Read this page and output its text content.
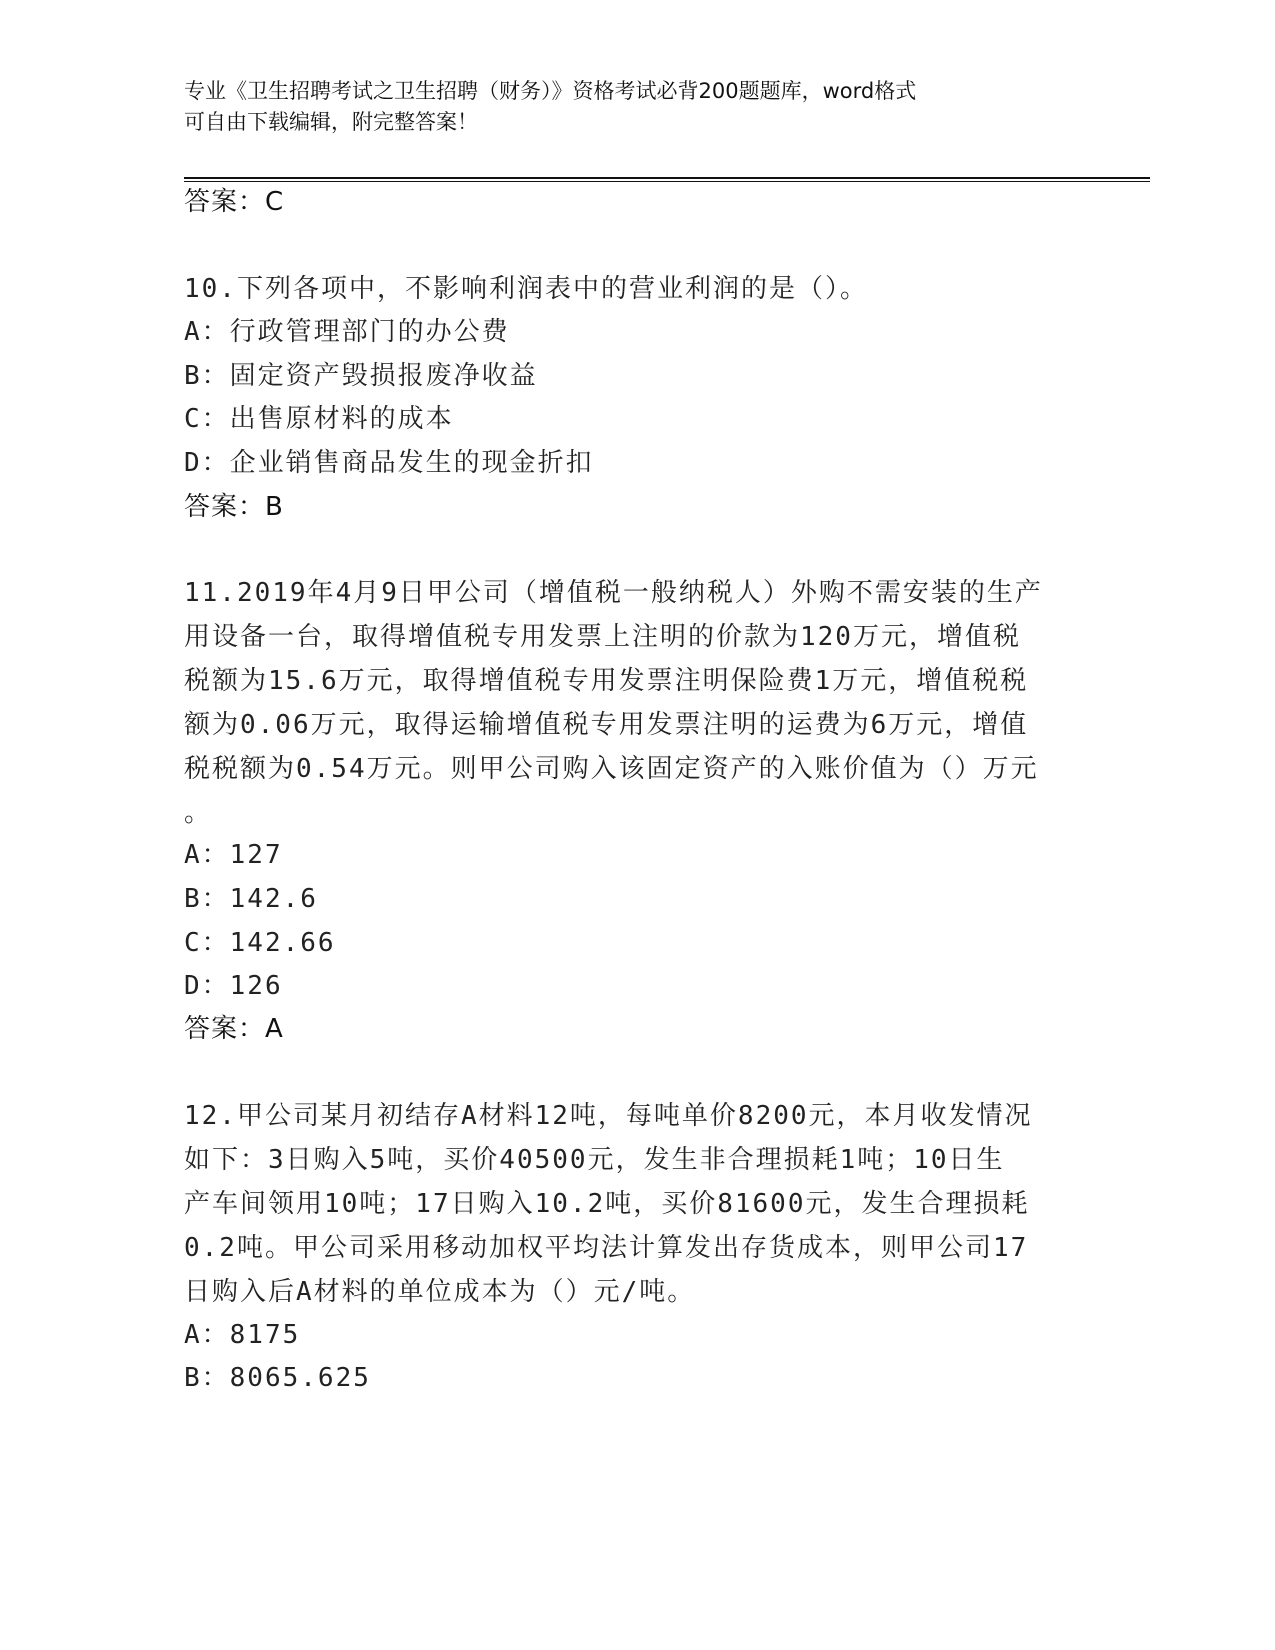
专业《卫生招聘考试之卫生招聘（财务）》资格考试必背200题题库，word格式
可自由下载编辑，附完整答案！
答案：C
10.下列各项中，不影响利润表中的营业利润的是（）。
A：行政管理部门的办公费
B：固定资产毁损报废净收益
C：出售原材料的成本
D：企业销售商品发生的现金折扣
答案：B
11.2019年4月9日甲公司（增值税一般纳税人）外购不需安装的生产
用设备一台，取得增值税专用发票上注明的价款为120万元，增值税
税额为15.6万元，取得增值税专用发票注明保险费1万元，增值税税
额为0.06万元，取得运输增值税专用发票注明的运费为6万元，增值
税税额为0.54万元。则甲公司购入该固定资产的入账价值为（）万元
。
A：127
B：142.6
C：142.66
D：126
答案：A
12.甲公司某月初结存A材料12吨，每吨单价8200元，本月收发情况
如下：3日购入5吨，买价40500元，发生非合理损耗1吨；10日生
产车间领用10吨；17日购入10.2吨，买价81600元，发生合理损耗
0.2吨。甲公司采用移动加权平均法计算发出存货成本，则甲公司17
日购入后A材料的单位成本为（）元/吨。
A：8175
B：8065.625
